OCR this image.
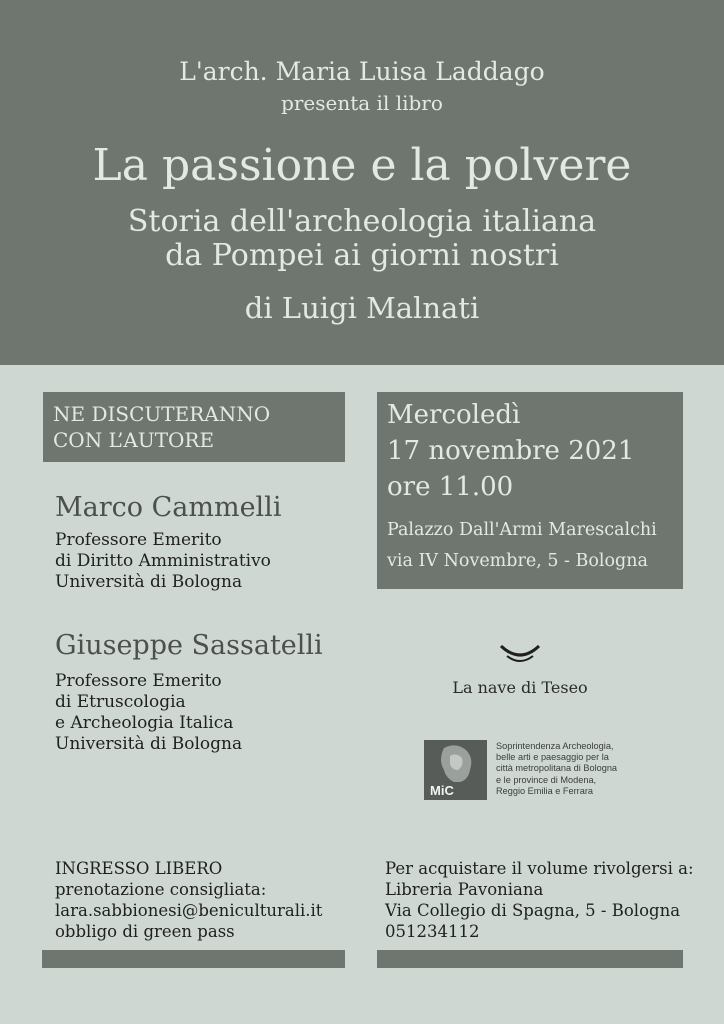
L'arch. Maria Luisa Laddago
presenta il libro
La passione e la polvere
Storia dell'archeologia italiana
da Pompei ai giorni nostri
di Luigi Malnati
NE DISCUTERANNO
CON L’AUTORE
Mercoledì
17 novembre 2021
ore 11.00
Palazzo Dall'Armi Marescalchi
via IV Novembre, 5 - Bologna
Marco Cammelli
Professore Emerito
di Diritto Amministrativo
Università di Bologna
Giuseppe Sassatelli
Professore Emerito
di Etruscologia
e Archeologia Italica
Università di Bologna
La nave di Teseo
MiC
Soprintendenza Archeologia,
belle arti e paesaggio per la
città metropolitana di Bologna
e le province di Modena,
Reggio Emilia e Ferrara
INGRESSO LIBERO
prenotazione consigliata:
lara.sabbionesi@beniculturali.it
obbligo di green pass
Per acquistare il volume rivolgersi a:
Libreria Pavoniana
Via Collegio di Spagna, 5 - Bologna
051234112
